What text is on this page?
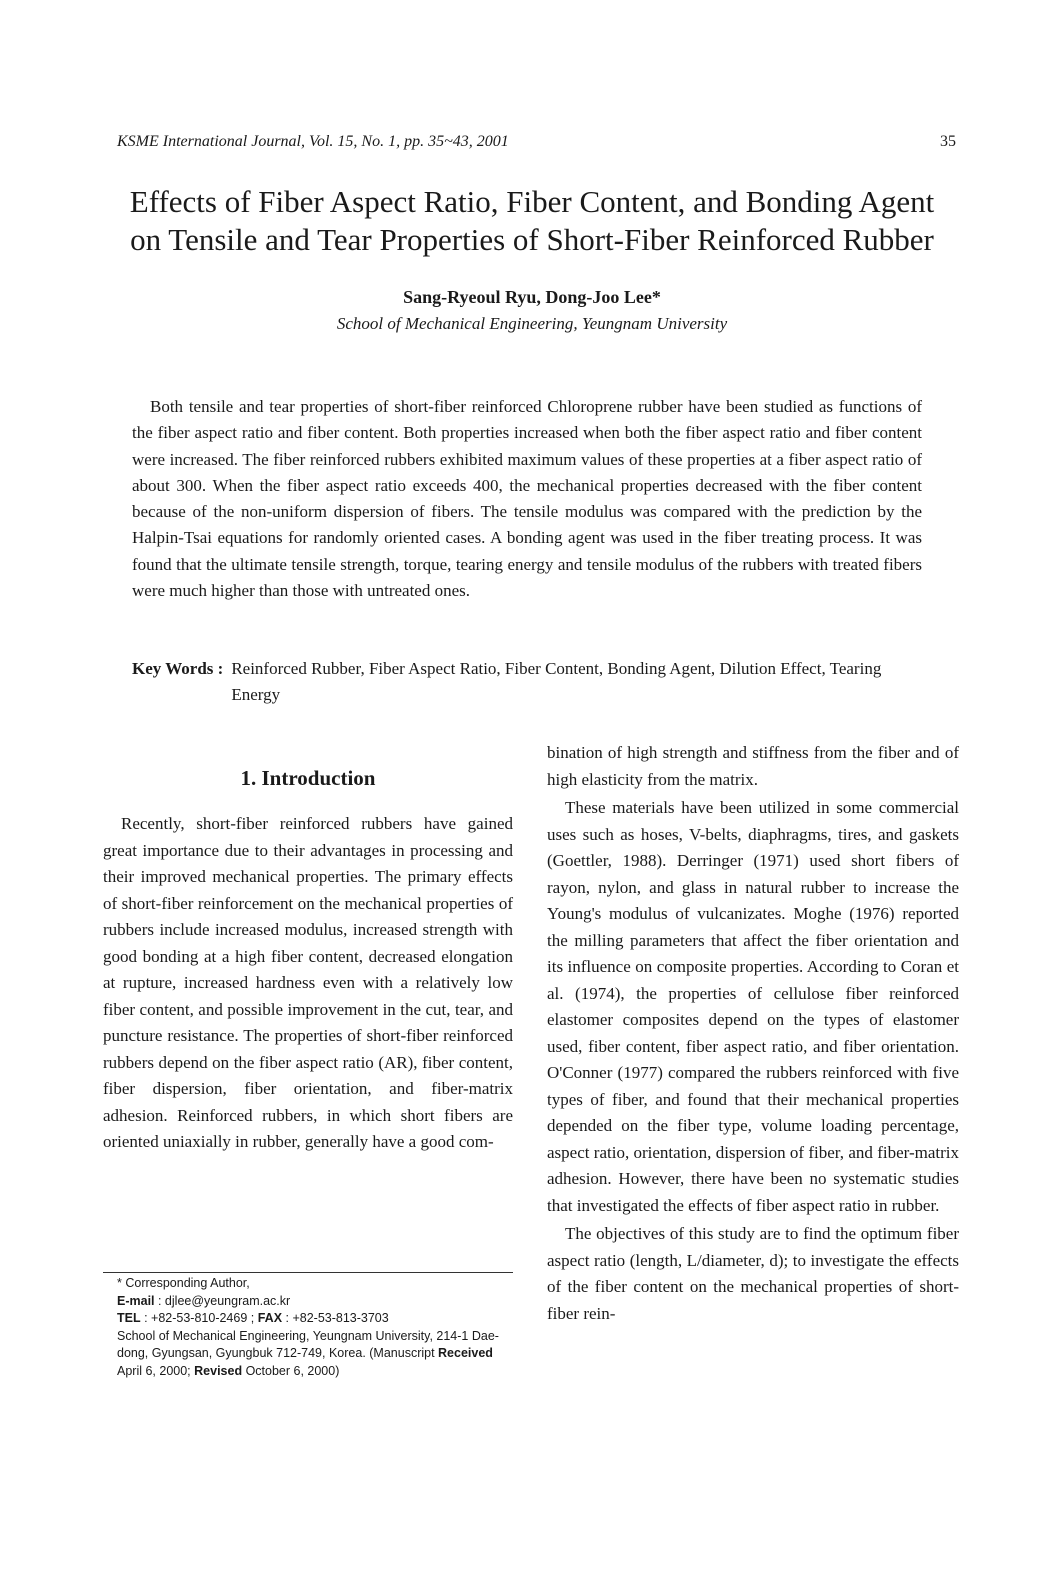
KSME International Journal, Vol. 15, No. 1, pp. 35~43, 2001	35
Effects of Fiber Aspect Ratio, Fiber Content, and Bonding Agent
on Tensile and Tear Properties of Short-Fiber Reinforced Rubber
Sang-Ryeoul Ryu, Dong-Joo Lee*
School of Mechanical Engineering, Yeungnam University

Both tensile and tear properties of short-fiber reinforced Chloroprene rubber have been studied as functions of the fiber aspect ratio and fiber content. Both properties increased when both the fiber aspect ratio and fiber content were increased. The fiber reinforced rubbers exhibited maximum values of these properties at a fiber aspect ratio of about 300. When the fiber aspect ratio exceeds 400, the mechanical properties decreased with the fiber content because of the non-uniform dispersion of fibers. The tensile modulus was compared with the prediction by the Halpin-Tsai equations for randomly oriented cases. A bonding agent was used in the fiber treating process. It was found that the ultimate tensile strength, torque, tearing energy and tensile modulus of the rubbers with treated fibers were much higher than those with untreated ones.

Key Words : Reinforced Rubber, Fiber Aspect Ratio, Fiber Content, Bonding Agent, Dilution Effect, Tearing Energy
1. Introduction

Recently, short-fiber reinforced rubbers have gained great importance due to their advantages in processing and their improved mechanical properties. The primary effects of short-fiber reinforcement on the mechanical properties of rubbers include increased modulus, increased strength with good bonding at a high fiber content, decreased elongation at rupture, increased hardness even with a relatively low fiber content, and possible improvement in the cut, tear, and puncture resistance. The properties of short-fiber reinforced rubbers depend on the fiber aspect ratio (AR), fiber content, fiber dispersion, fiber orientation, and fiber-matrix adhesion. Reinforced rubbers, in which short fibers are oriented uniaxially in rubber, generally have a good com-

bination of high strength and stiffness from the fiber and of high elasticity from the matrix.

These materials have been utilized in some commercial uses such as hoses, V-belts, diaphragms, tires, and gaskets (Goettler, 1988). Derringer (1971) used short fibers of rayon, nylon, and glass in natural rubber to increase the Young's modulus of vulcanizates. Moghe (1976) reported the milling parameters that affect the fiber orientation and its influence on composite properties. According to Coran et al. (1974), the properties of cellulose fiber reinforced elastomer composites depend on the types of elastomer used, fiber content, fiber aspect ratio, and fiber orientation. O'Conner (1977) compared the rubbers reinforced with five types of fiber, and found that their mechanical properties depended on the fiber type, volume loading percentage, aspect ratio, orientation, dispersion of fiber, and fiber-matrix adhesion. However, there have been no systematic studies that investigated the effects of fiber aspect ratio in rubber.

The objectives of this study are to find the optimum fiber aspect ratio (length, L/diameter, d); to investigate the effects of the fiber content on the mechanical properties of short-fiber rein-

* Corresponding Author,

E-mail : djlee@yeungram.ac.kr

TEL : +82-53-810-2469 ; FAX : +82-53-813-3703

School of Mechanical Engineering, Yeungnam University, 214-1 Dae-dong, Gyungsan, Gyungbuk 712-749, Korea. (Manuscript Received April 6, 2000; Revised October 6, 2000)
